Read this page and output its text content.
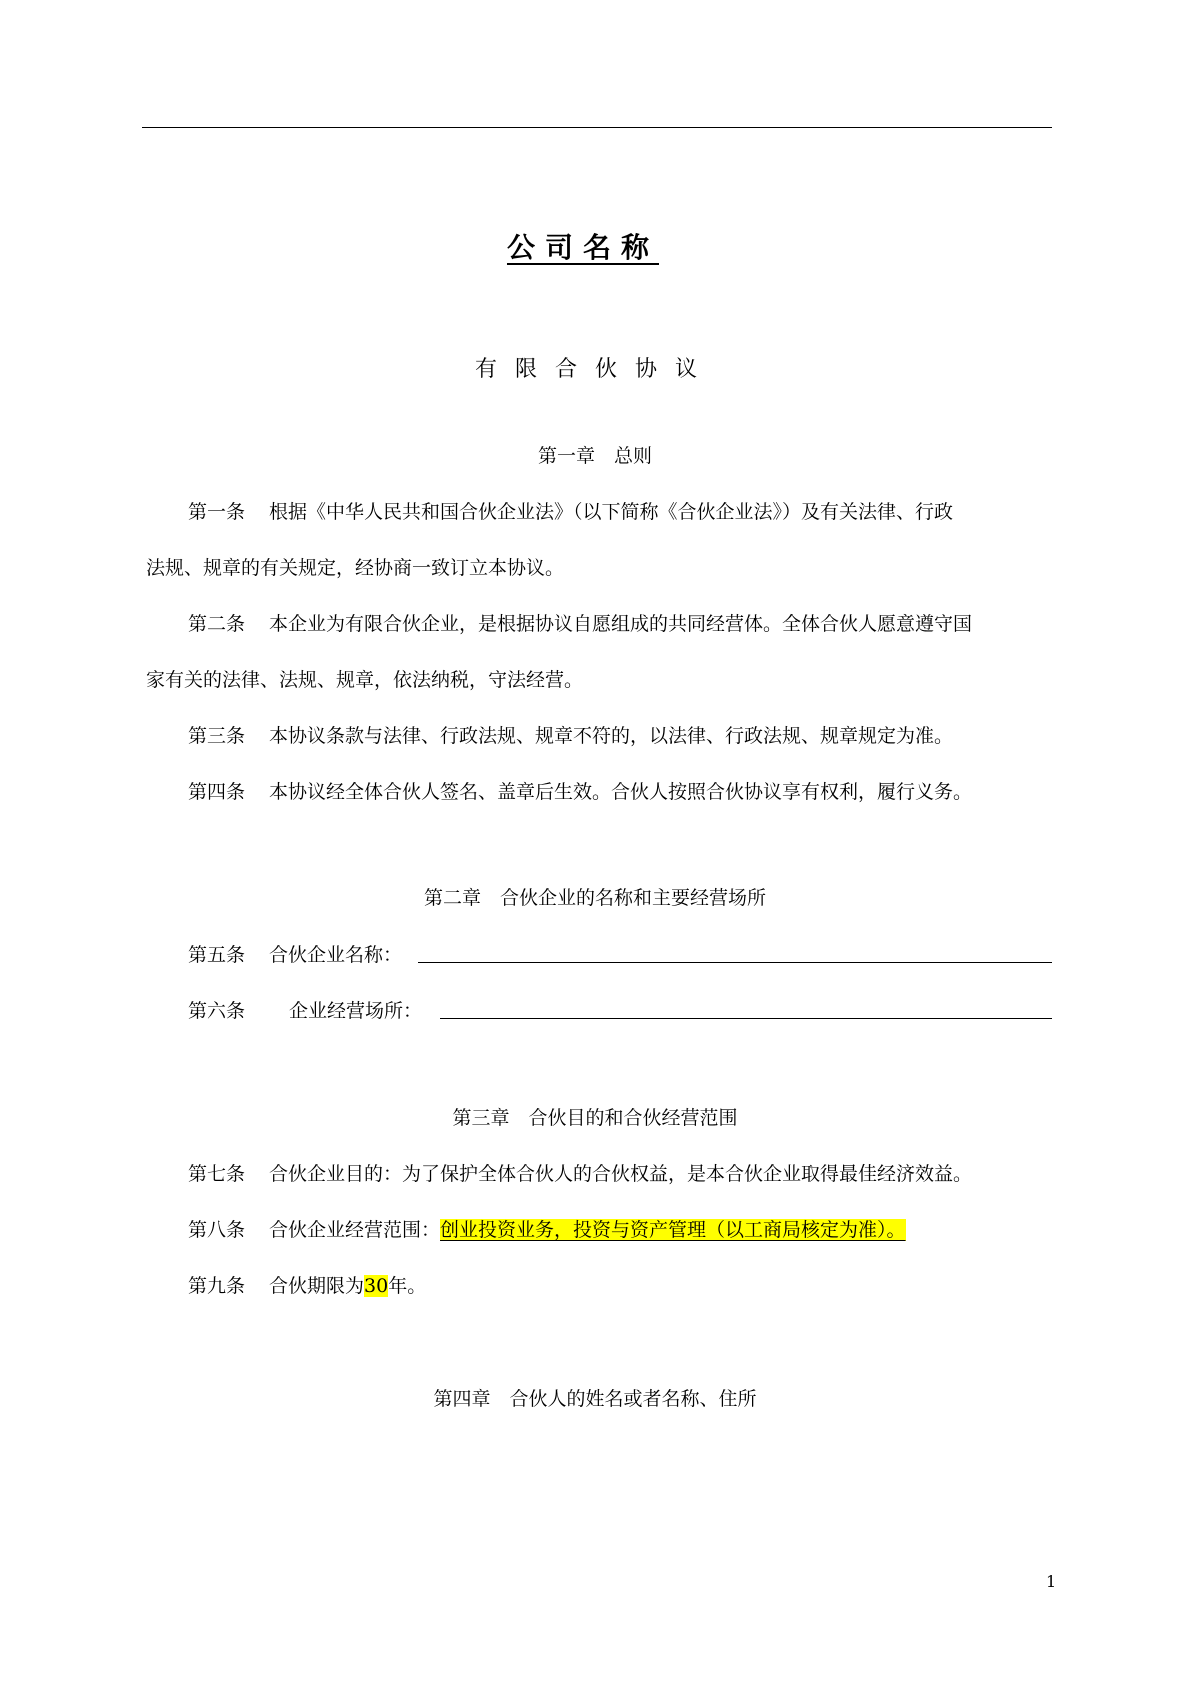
公司名称
有限合伙协议
第一章　总则
第一条 根据《中华人民共和国合伙企业法》（以下简称《合伙企业法》）及有关法律、行政
法规、规章的有关规定，经协商一致订立本协议。
第二条 本企业为有限合伙企业，是根据协议自愿组成的共同经营体。全体合伙人愿意遵守国
家有关的法律、法规、规章，依法纳税，守法经营。
第三条 本协议条款与法律、行政法规、规章不符的，以法律、行政法规、规章规定为准。
第四条 本协议经全体合伙人签名、盖章后生效。合伙人按照合伙协议享有权利，履行义务。
第二章　合伙企业的名称和主要经营场所
第五条 合伙企业名称：
第六条 企业经营场所：
第三章　合伙目的和合伙经营范围
第七条 合伙企业目的：为了保护全体合伙人的合伙权益，是本合伙企业取得最佳经济效益。
第八条 合伙企业经营范围：创业投资业务，投资与资产管理（以工商局核定为准）。
第九条 合伙期限为30年。
第四章　合伙人的姓名或者名称、住所
1
